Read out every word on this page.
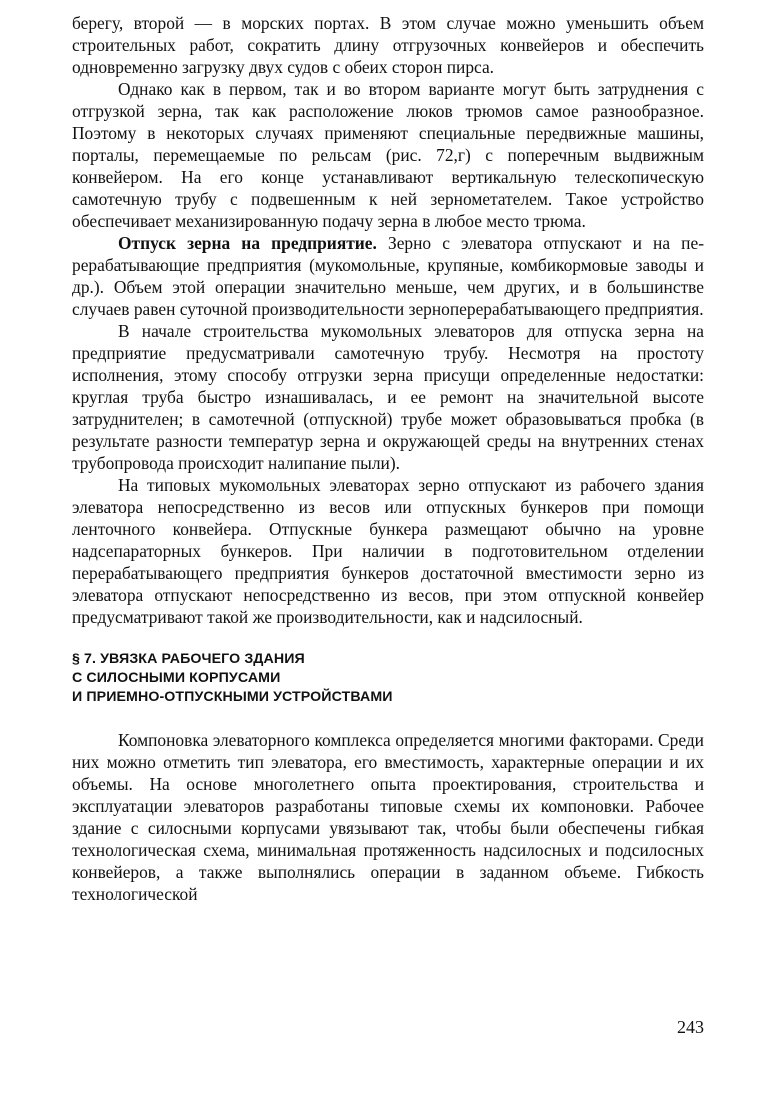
берегу, второй — в морских портах. В этом случае можно уменьшить объем строительных работ, сократить длину отгрузочных конвейеров и обеспечить одновременно загрузку двух судов с обеих сторон пирса.

Однако как в первом, так и во втором варианте могут быть затруднения с отгрузкой зерна, так как расположение люков трюмов самое разнообразное. Поэтому в некоторых случаях применяют специальные передвижные машины, порталы, перемещаемые по рельсам (рис. 72,г) с поперечным выдвижным конвейером. На его конце устанавливают вертикальную телескопическую самотечную трубу с подвешенным к ней зернометателем. Такое устройство обеспечивает механизированную подачу зерна в любое место трюма.

Отпуск зерна на предприятие. Зерно с элеватора отпускают и на перерабатывающие предприятия (мукомольные, крупяные, комбикормовые заводы и др.). Объем этой операции значительно меньше, чем других, и в большинстве случаев равен суточной производительности зерноперерабатывающего предприятия.

В начале строительства мукомольных элеваторов для отпуска зерна на предприятие предусматривали самотечную трубу. Несмотря на простоту исполнения, этому способу отгрузки зерна присущи определенные недостатки: круглая труба быстро изнашивалась, и ее ремонт на значительной высоте затруднителен; в самотечной (отпускной) трубе может образовываться пробка (в результате разности температур зерна и окружающей среды на внутренних стенах трубопровода происходит налипание пыли).

На типовых мукомольных элеваторах зерно отпускают из рабочего здания элеватора непосредственно из весов или отпускных бункеров при помощи ленточного конвейера. Отпускные бункера размещают обычно на уровне надсепараторных бункеров. При наличии в подготовительном отделении перерабатывающего предприятия бункеров достаточной вместимости зерно из элеватора отпускают непосредственно из весов, при этом отпускной конвейер предусматривают такой же производительности, как и надсилосный.

§ 7. УВЯЗКА РАБОЧЕГО ЗДАНИЯ
С СИЛОСНЫМИ КОРПУСАМИ
И ПРИЕМНО-ОТПУСКНЫМИ УСТРОЙСТВАМИ

Компоновка элеваторного комплекса определяется многими факторами. Среди них можно отметить тип элеватора, его вместимость, характерные операции и их объемы. На основе многолетнего опыта проектирования, строительства и эксплуатации элеваторов разработаны типовые схемы их компоновки. Рабочее здание с силосными корпусами увязывают так, чтобы были обеспечены гибкая технологическая схема, минимальная протяженность надсилосных и подсилосных конвейеров, а также выполнялись операции в заданном объеме. Гибкость технологической

243
